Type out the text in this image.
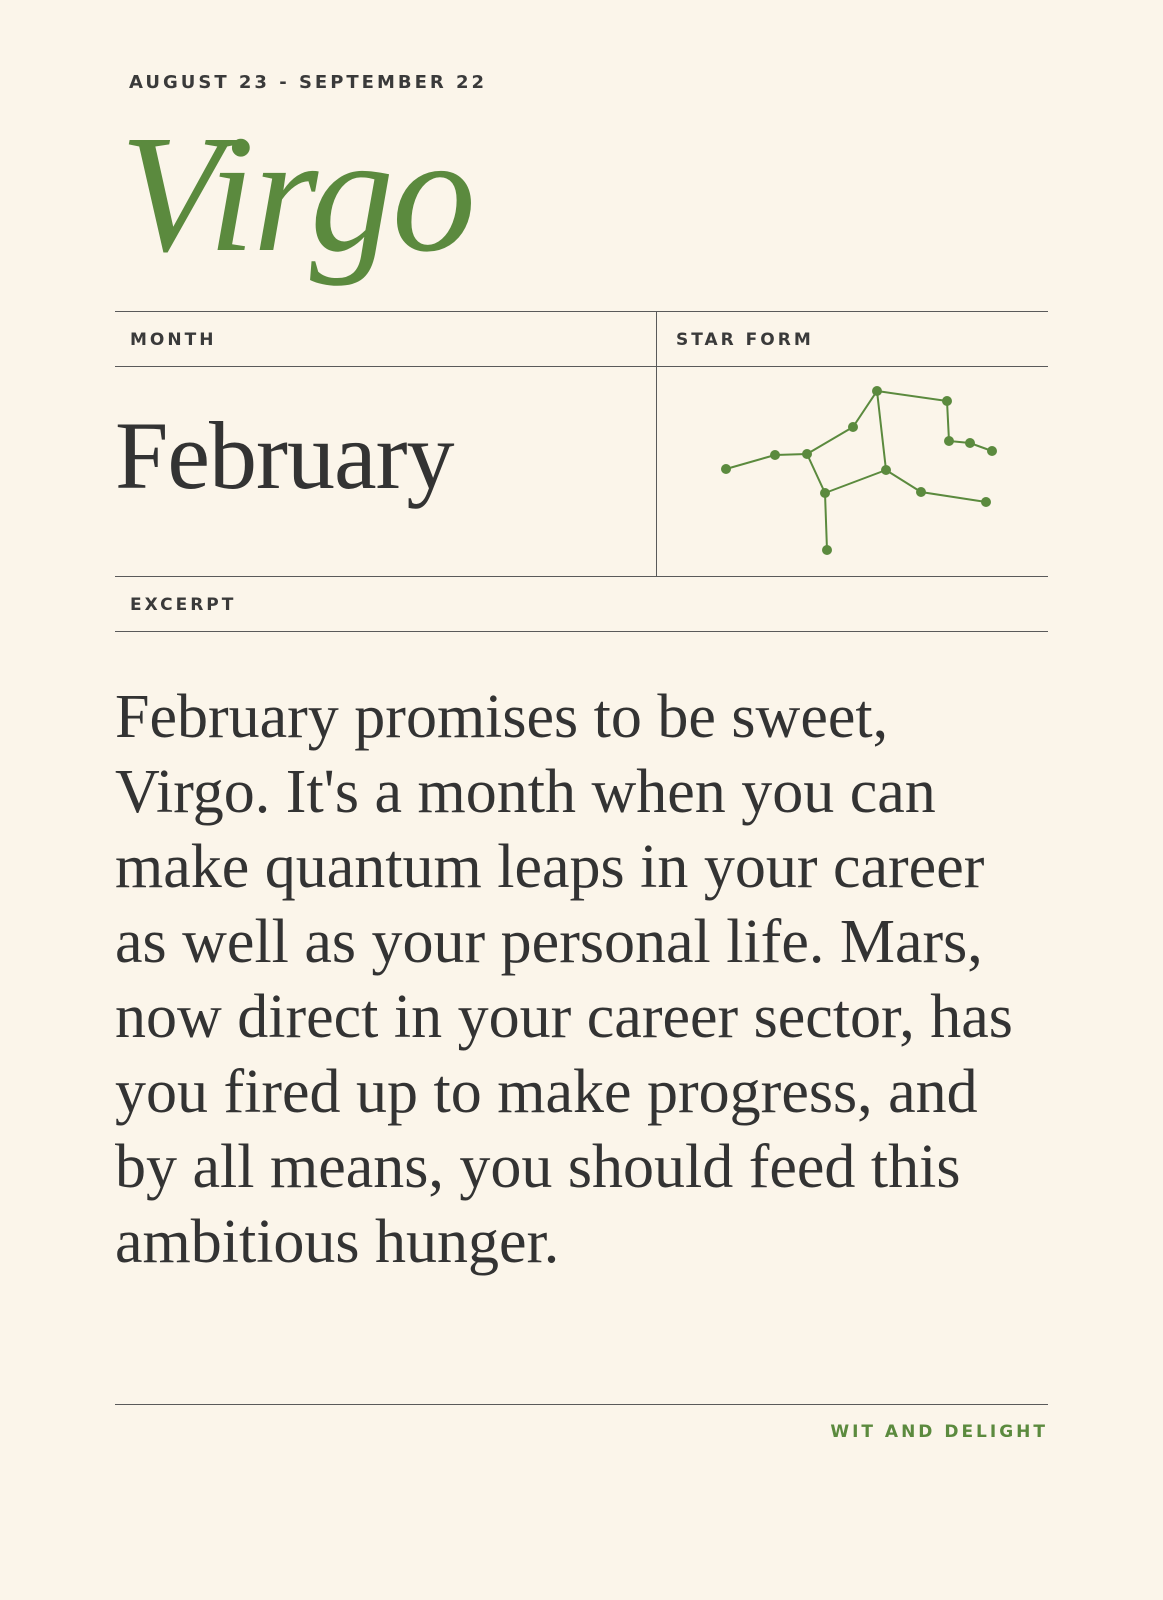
AUGUST 23 - SEPTEMBER 22
Virgo
MONTH	STAR FORM
February
EXCERPT

February promises to be sweet, Virgo. It's a month when you can make quantum leaps in your career as well as your personal life. Mars, now direct in your career sector, has you fired up to make progress, and by all means, you should feed this ambitious hunger.

WIT AND DELIGHT
